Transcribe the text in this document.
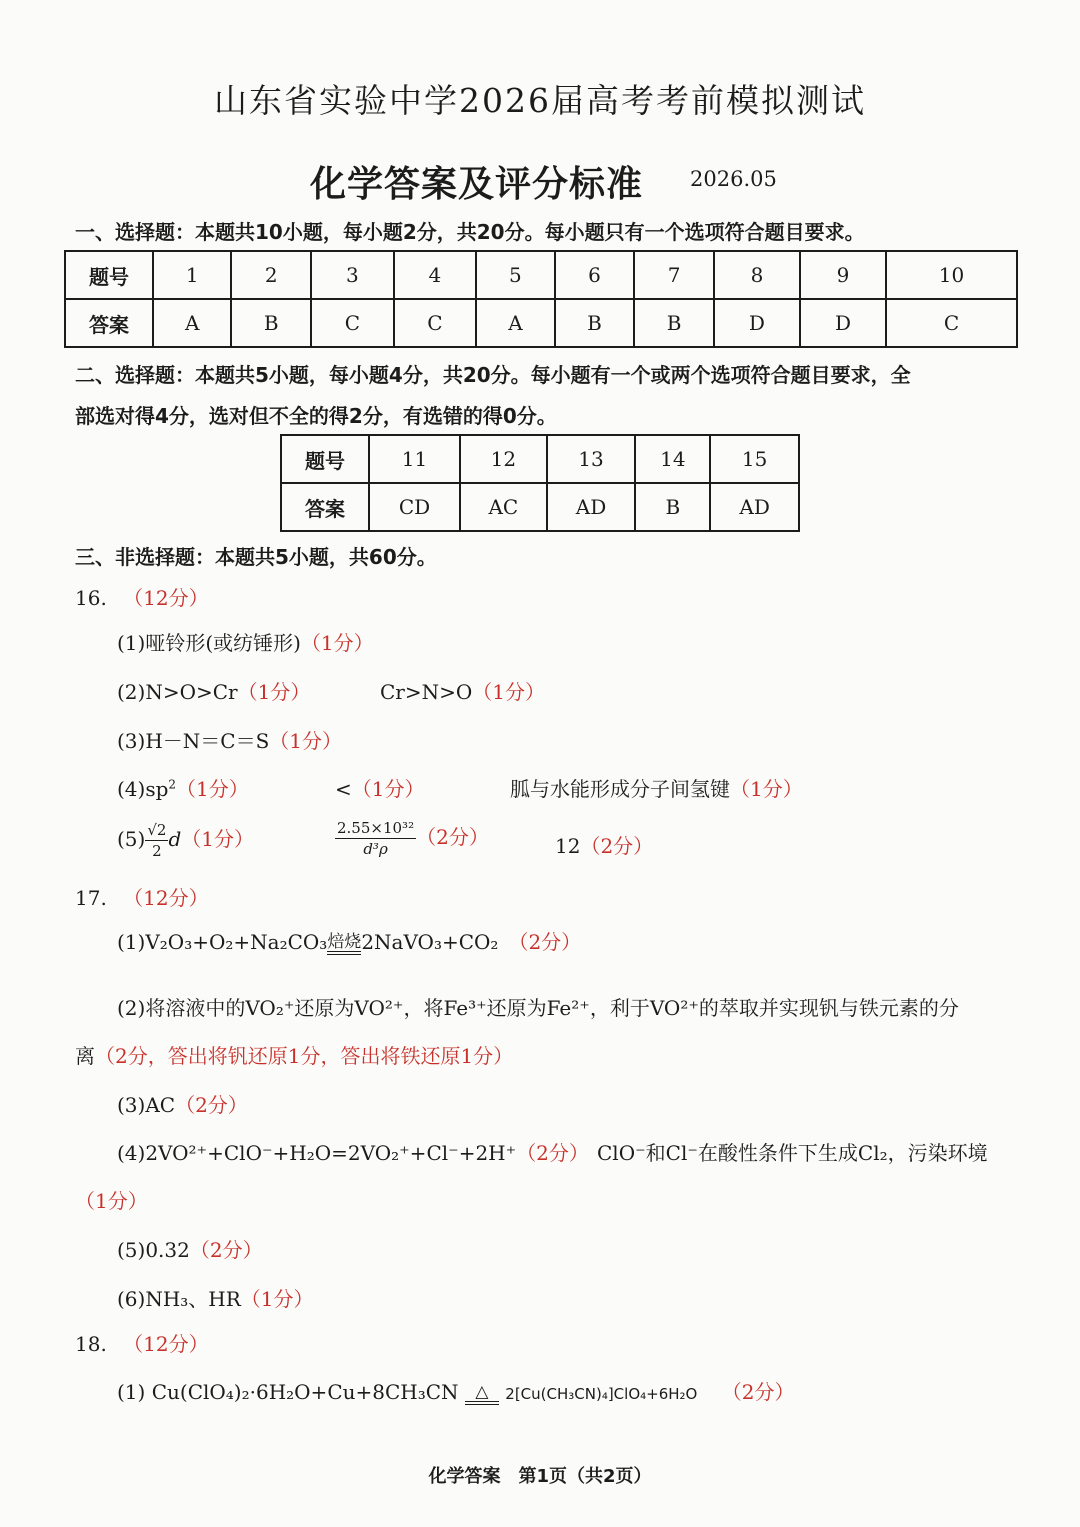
山东省实验中学2026届高考考前模拟测试
化学答案及评分标准 2026.05
一、选择题：本题共10小题，每小题2分，共20分。每小题只有一个选项符合题目要求。
题号	1	2	3	4	5	6	7	8	9	10
答案	A	B	C	C	A	B	B	D	D	C
二、选择题：本题共5小题，每小题4分，共20分。每小题有一个或两个选项符合题目要求，全
部选对得4分，选对但不全的得2分，有选错的得0分。
题号	11	12	13	14	15
答案	CD	AC	AD	B	AD
三、非选择题：本题共5小题，共60分。
16. （12分）
(1)哑铃形(或纺锤形)（1分）
(2)N>O>Cr（1分）	Cr>N>O（1分）
(3)H－N＝C＝S（1分）
$(4)sp^2(1$分）	<（1分）	胍与水能形成分子间氢键（1分）
$(5) \frac{√2}{2} d(1$分）	$\frac{\text{2.55×10³²}}{\text{d³ρ}} (2$分）	12（2分）
17. （12分）
(1)V₂O₃+O₂+Na₂CO₃ 焙烧 2NaVO₃+CO₂ （2分）
(2)将溶液中的VO₂⁺还原为VO²⁺，将Fe³⁺还原为Fe²⁺，利于VO²⁺的萃取并实现钒与铁元素的分
离（2分，答出将钒还原1分，答出将铁还原1分）
(3)AC（2分）
(4)2VO²⁺+ClO⁻+H₂O=2VO₂⁺+Cl⁻+2H⁺（2分） ClO⁻和Cl⁻在酸性条件下生成Cl₂，污染环境
（1分）
(5)0.32（2分）
(6)NH₃、HR（1分）
18. （12分）
(1) Cu(ClO₄)₂·6H₂O+Cu+8CH₃CN △	2[Cu(CH₃CN)₄]ClO₄+6H₂O （2分）
化学答案　第1页（共2页）
